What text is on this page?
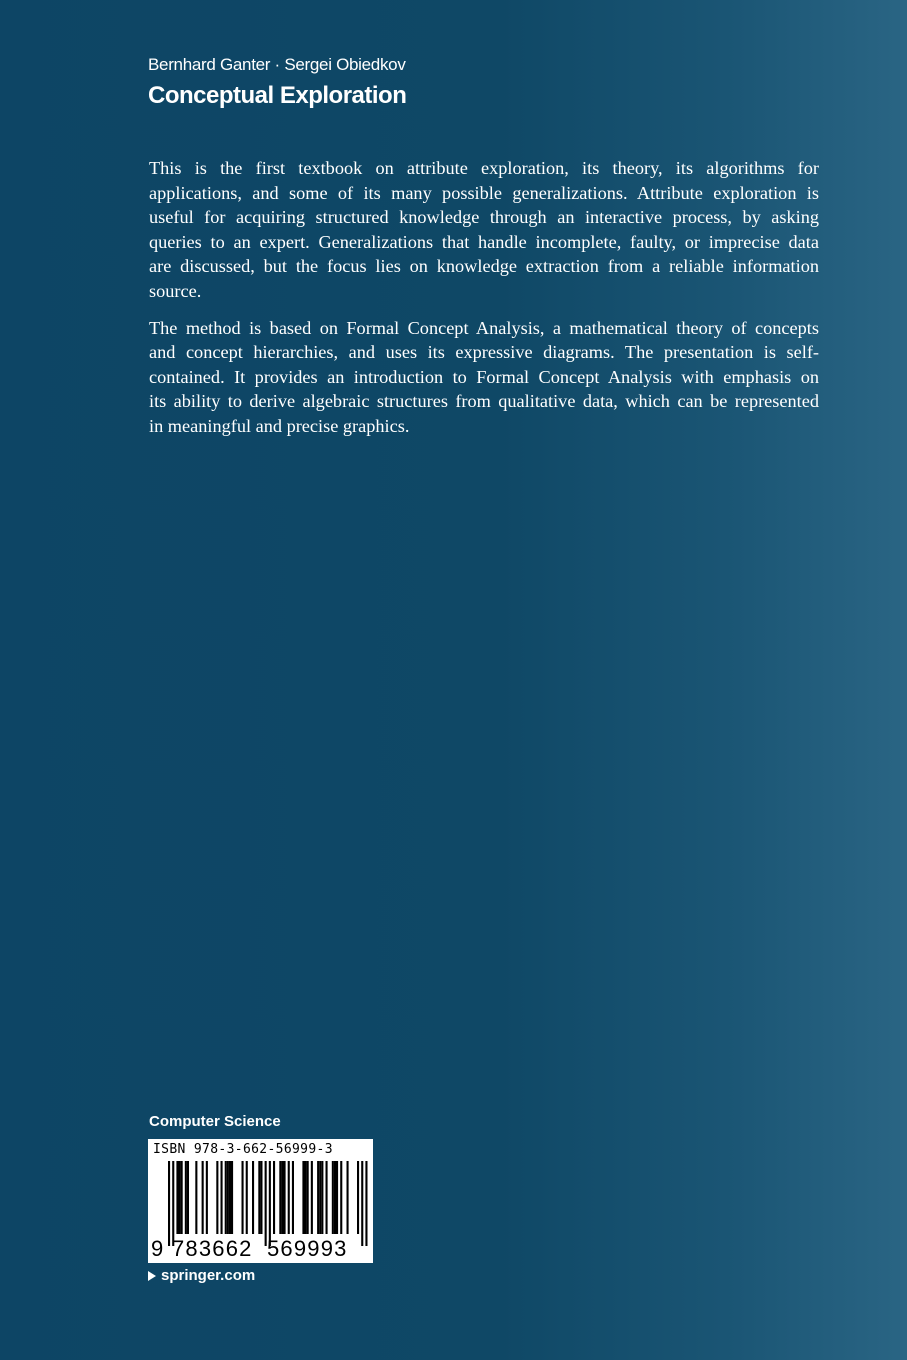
Bernhard Ganter · Sergei Obiedkov
Conceptual Exploration

This is the first textbook on attribute exploration, its theory, its algorithms for
applications, and some of its many possible generalizations. Attribute exploration is
useful for acquiring structured knowledge through an interactive process, by asking
queries to an expert. Generalizations that handle incomplete, faulty, or imprecise data
are discussed, but the focus lies on knowledge extraction from a reliable information
source.

The method is based on Formal Concept Analysis, a mathematical theory of concepts
and concept hierarchies, and uses its expressive diagrams. The presentation is self-
contained. It provides an introduction to Formal Concept Analysis with emphasis on
its ability to derive algebraic structures from qualitative data, which can be represented
in meaningful and precise graphics.

Computer Science
ISBN 978-3-662-56999-3
9 783662 569993
springer.com
